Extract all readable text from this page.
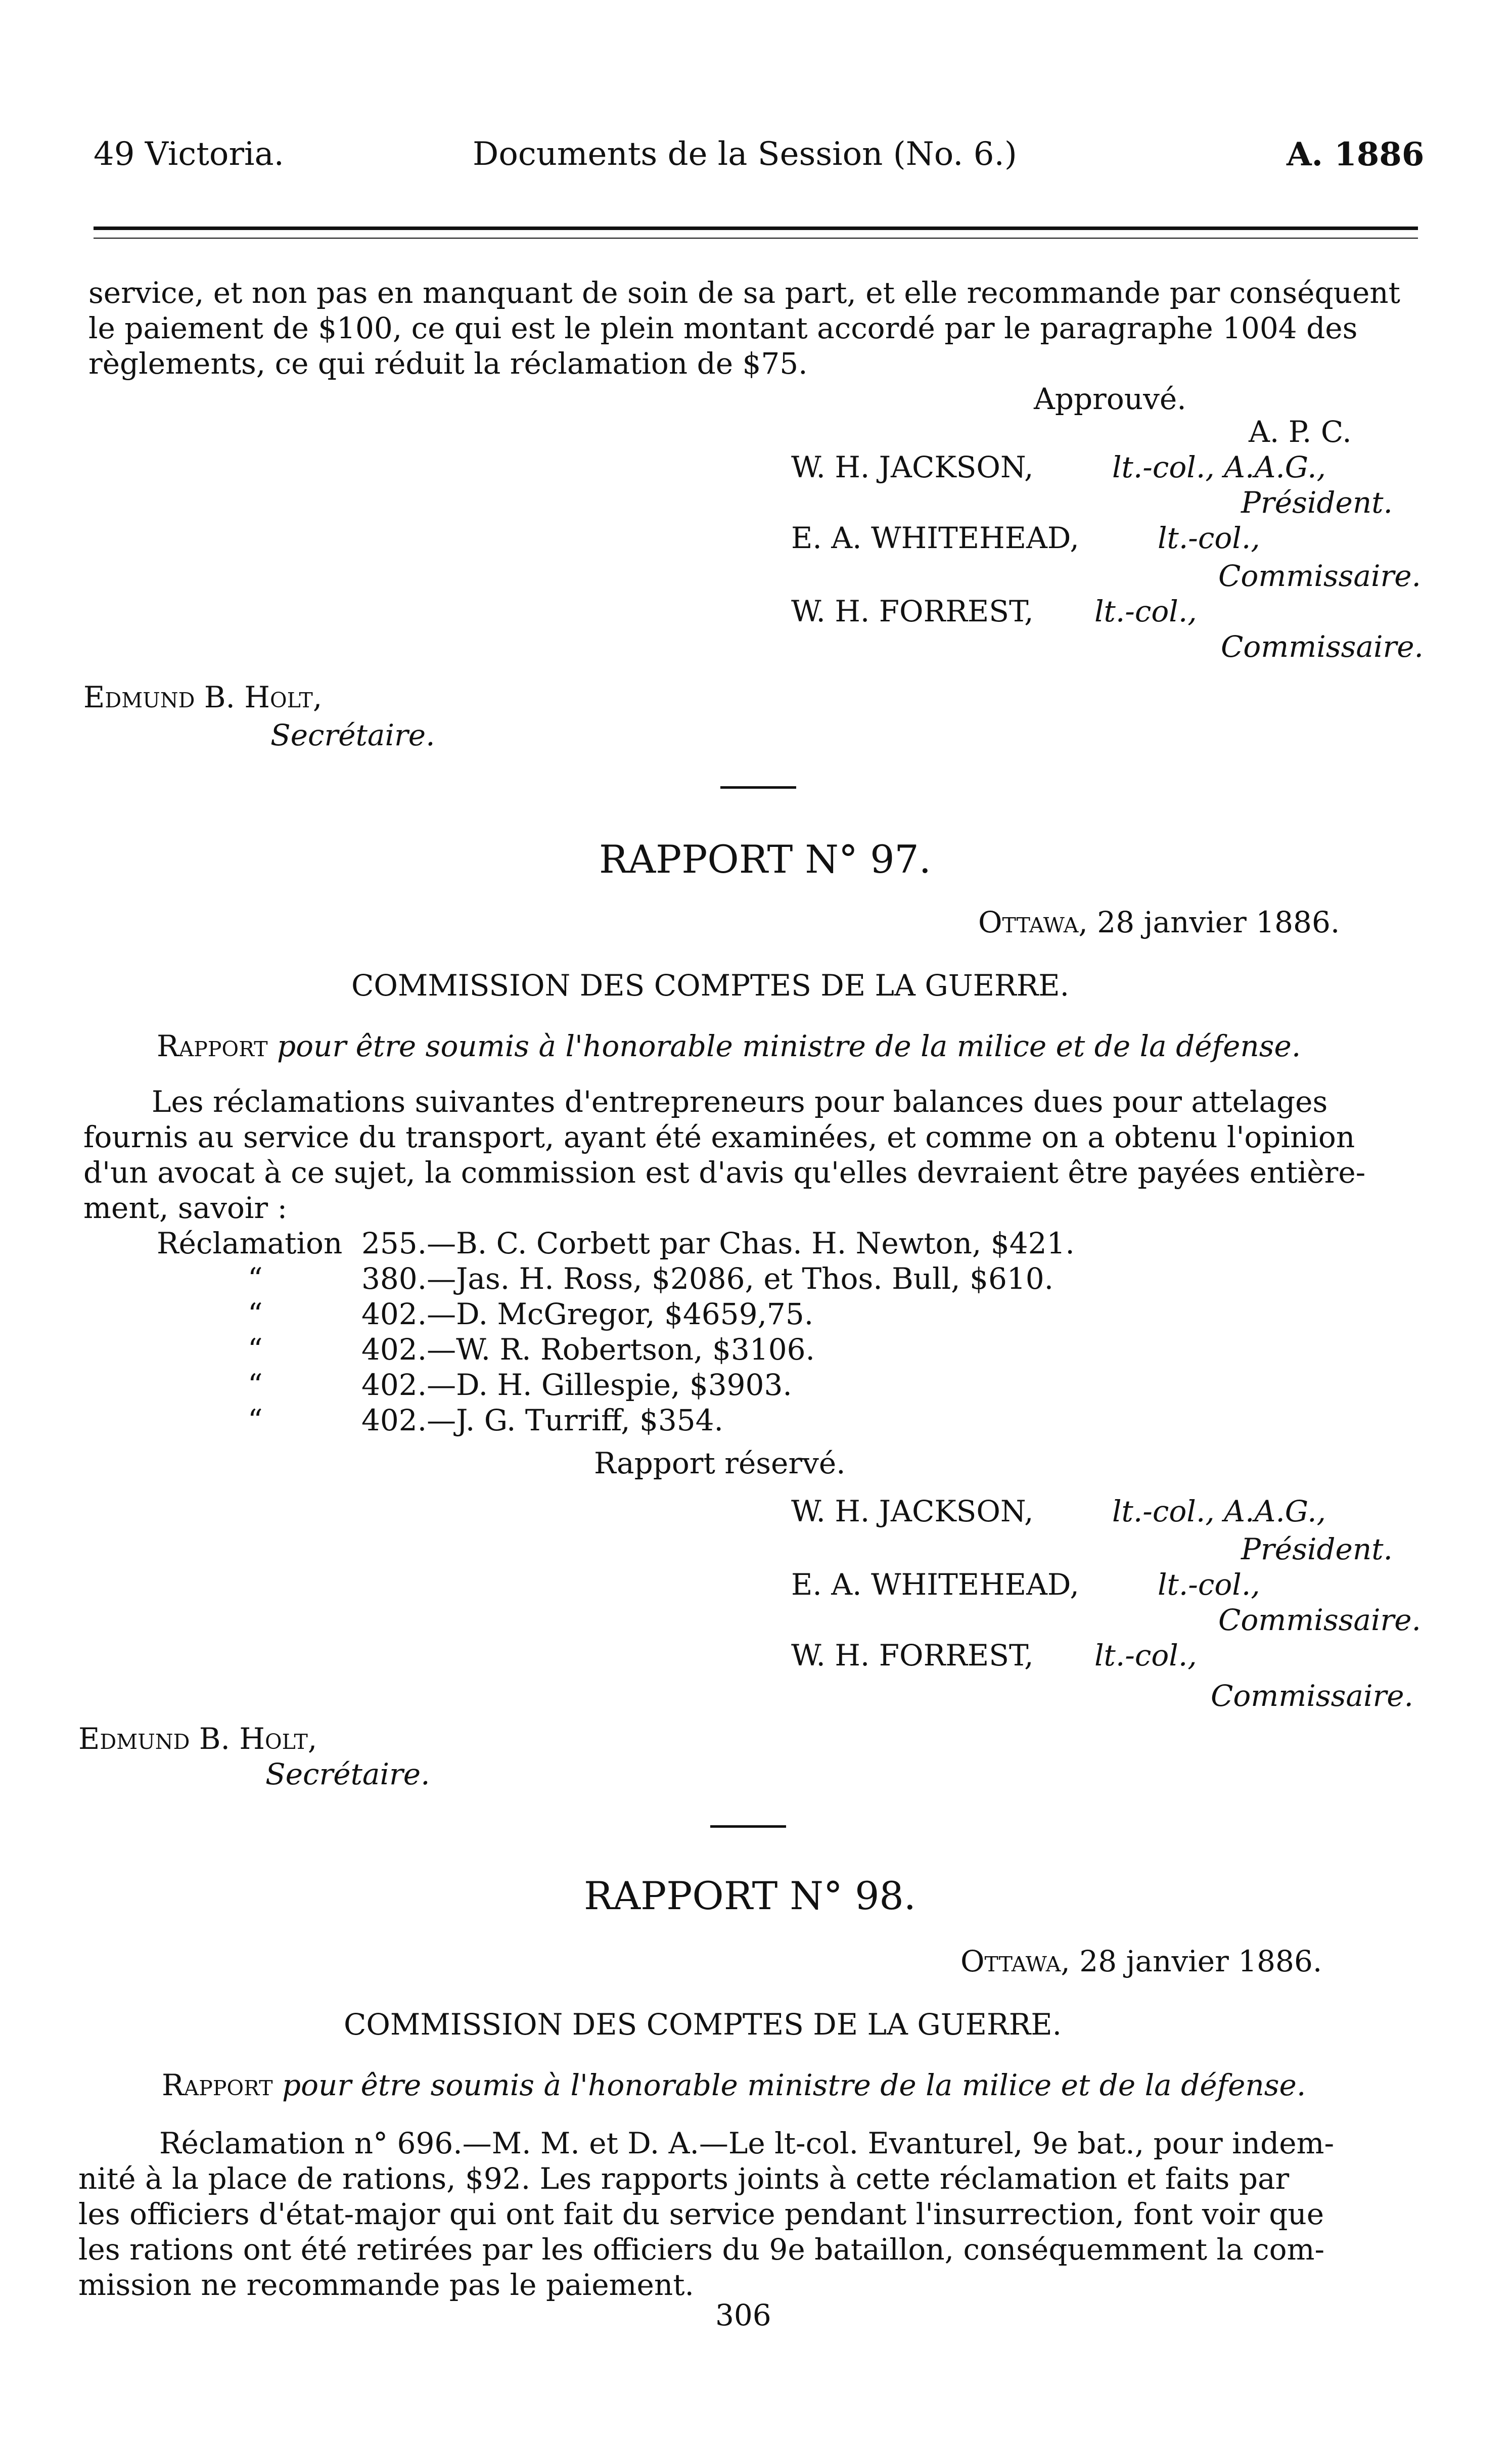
49 Victoria.	Documents de la Session (No. 6.)	A. 1886
service, et non pas en manquant de soin de sa part, et elle recommande par conséquent
le paiement de $100, ce qui est le plein montant accordé par le paragraphe 1004 des
règlements, ce qui réduit la réclamation de $75.
Approuvé.
A. P. C.
W. H. JACKSON,	lt.-col., A.A.G.,
Président.
E. A. WHITEHEAD,	lt.-col.,
Commissaire.
W. H. FORREST, lt.-col.,
Commissaire.
Edmund B. Holt,
Secrétaire.
RAPPORT N° 97.
Ottawa, 28 janvier 1886.
COMMISSION DES COMPTES DE LA GUERRE.
Rapport pour être soumis à l'honorable ministre de la milice et de la défense.
Les réclamations suivantes d'entrepreneurs pour balances dues pour attelages
fournis au service du transport, ayant été examinées, et comme on a obtenu l'opinion
d'un avocat à ce sujet, la commission est d'avis qu'elles devraient être payées entière-
ment, savoir :
Réclamation 255.—B. C. Corbett par Chas. H. Newton, $421.
“	380.—Jas. H. Ross, $2086, et Thos. Bull, $610.
“	402.—D. McGregor, $4659,75.
“	402.—W. R. Robertson, $3106.
“	402.—D. H. Gillespie, $3903.
“	402.—J. G. Turriff, $354.
Rapport réservé.
W. H. JACKSON,	lt.-col., A.A.G.,
Président.
E. A. WHITEHEAD,	lt.-col.,
Commissaire.
W. H. FORREST, lt.-col.,
Commissaire.
Edmund B. Holt,
Secrétaire.
RAPPORT N° 98.
Ottawa, 28 janvier 1886.
COMMISSION DES COMPTES DE LA GUERRE.
Rapport pour être soumis à l'honorable ministre de la milice et de la défense.
Réclamation n° 696.—M. M. et D. A.—Le lt-col. Evanturel, 9e bat., pour indem-
nité à la place de rations, $92. Les rapports joints à cette réclamation et faits par
les officiers d'état-major qui ont fait du service pendant l'insurrection, font voir que
les rations ont été retirées par les officiers du 9e bataillon, conséquemment la com-
mission ne recommande pas le paiement.
306
